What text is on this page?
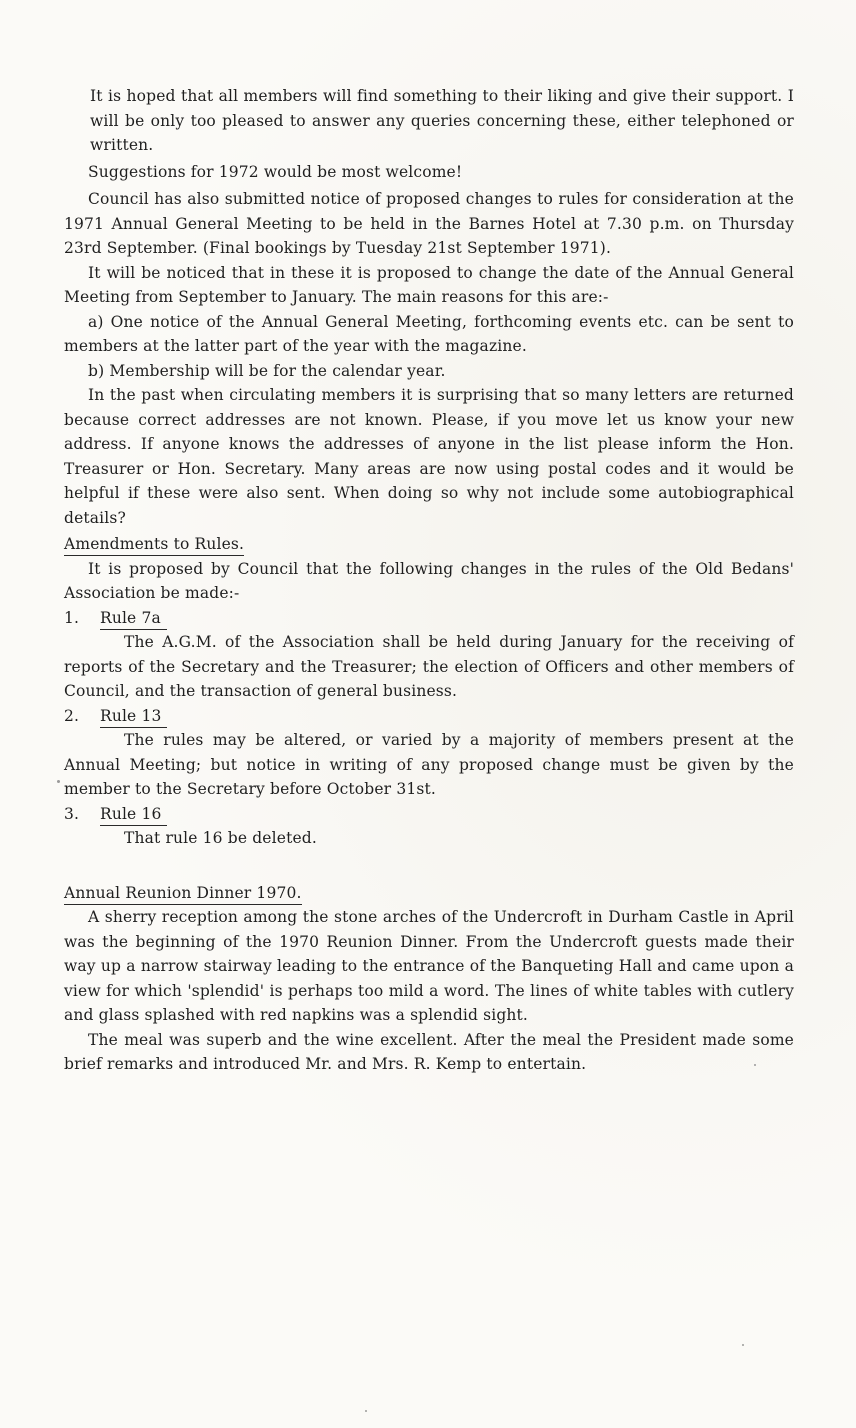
It is hoped that all members will find something to their liking and give their support. I will be only too pleased to answer any queries concerning these, either telephoned or written.

Suggestions for 1972 would be most welcome!

Council has also submitted notice of proposed changes to rules for consideration at the 1971 Annual General Meeting to be held in the Barnes Hotel at 7.30 p.m. on Thursday 23rd September. (Final bookings by Tuesday 21st September 1971).

It will be noticed that in these it is proposed to change the date of the Annual General Meeting from September to January. The main reasons for this are:-

a) One notice of the Annual General Meeting, forthcoming events etc. can be sent to members at the latter part of the year with the magazine.

b) Membership will be for the calendar year.

In the past when circulating members it is surprising that so many letters are returned because correct addresses are not known. Please, if you move let us know your new address. If anyone knows the addresses of anyone in the list please inform the Hon. Treasurer or Hon. Secretary. Many areas are now using postal codes and it would be helpful if these were also sent. When doing so why not include some autobiographical details?

Amendments to Rules.

It is proposed by Council that the following changes in the rules of the Old Bedans' Association be made:-

1. Rule 7a

The A.G.M. of the Association shall be held during January for the receiving of reports of the Secretary and the Treasurer; the election of Officers and other members of Council, and the transaction of general business.

2. Rule 13

The rules may be altered, or varied by a majority of members present at the Annual Meeting; but notice in writing of any proposed change must be given by the member to the Secretary before October 31st.

3. Rule 16

That rule 16 be deleted.

Annual Reunion Dinner 1970.

A sherry reception among the stone arches of the Undercroft in Durham Castle in April was the beginning of the 1970 Reunion Dinner. From the Undercroft guests made their way up a narrow stairway leading to the entrance of the Banqueting Hall and came upon a view for which 'splendid' is perhaps too mild a word. The lines of white tables with cutlery and glass splashed with red napkins was a splendid sight.

The meal was superb and the wine excellent. After the meal the President made some brief remarks and introduced Mr. and Mrs. R. Kemp to entertain.
